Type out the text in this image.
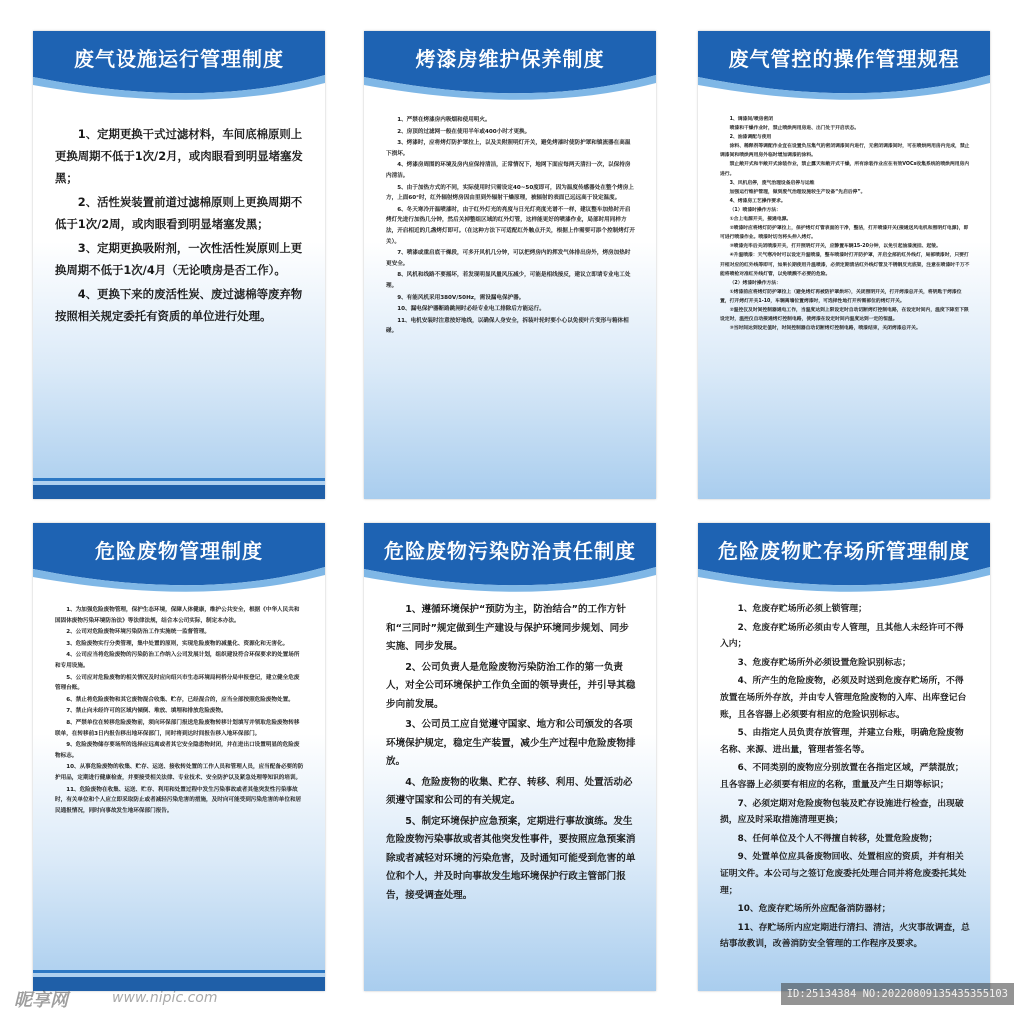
废气设施运行管理制度

1、定期更换干式过滤材料，车间底棉原则上更换周期不低于1次/2月，或肉眼看到明显堵塞发黑；

2、活性炭装置前道过滤棉原则上更换周期不低于1次/2周，或肉眼看到明显堵塞发黑；

3、定期更换吸附剂，一次性活性炭原则上更换周期不低于1次/4月（无论喷房是否工作）。

4、更换下来的废活性炭、废过滤棉等废弃物按照相关规定委托有资质的单位进行处理。

烤漆房维护保养制度

1、严禁在烤漆房内吸烟和使用明火。

2、房顶的过滤网一般在使用半年或400小时才更换。

3、烤漆时，应将烤灯防护罩拉上，以及关附照明灯开关，避免烤漆时使防护罩和镇流器在高温下损坏。

4、烤漆房周围的环境及房内应保持清洁，正常情况下，地网下面应每两天清扫一次，以保持房内清洁。

5、由于加热方式的不同，实际使用时只需设定40~50度即可，因为温度传感器处在整个烤房上方，上面60°时，红外辐射烤房因由里到外辐射干燥原理，被辐射的表面已远远高于设定温度。

6、冬天寒冷开温喷漆时，由于红外灯光的亮度与日光灯亮度光谱不一样，建议整车加热时开启烤灯先进行加热几分钟，然后关掉整组区域的红外灯管，这样能更好的喷漆作业，局部时用同样方法，开启相近的几盏烤灯即可。（在这种方法下可适配红外触点开关，根据上作需要可添个控制烤灯开关）。

7、喷漆或重启底干燥段，可多开风机几分钟，可以把烤房内的挥发气体排出房外，烤房加热时更安全。

8、风机和线路不要摇坏，若发现明显风量风压减少，可能是相线接反，建议立即请专业电工处理。

9、有能风机采用380V/50Hz，需设漏电保护器。

10、漏电保护器断路跳闸时必经专业电工排除后方能运行。

11、电机安装时注意按好地线，以确保人身安全，拆装叶轮时要小心以免使叶片变形与箱体相碰。

废气管控的操作管理规程

1、调漆间/喷房密闭

喷漆和干燥作业时，禁止喷烘两用房进、出门处于开启状态。

2、油漆调配与使用

涂料、稀释剂等调配作业宜在设置负压集气的密闭调漆间内进行，无密闭调漆间时，可在喷烘两用房内完成，禁止调漆间和喷烘两用房外临时增加调漆的涂料。

禁止敞开式和半敞开式涂装作业，禁止露天和敞开式干燥，所有涂装作业应在有效VOCs收集系统的喷烘两用房内进行。

3、风机启停，废气治理设备启停与运维

加强运行维护管理，做到废气治理设施较生产设备“先启后停”。

4、烤漆房工艺操作要求。

（1）喷漆时操作方法：

①合上电源开关，接通电源。

②喷漆时应将烤灯防护罩拉上，保护烤灯灯管表面的干净，整洁，打开喷漆开关(接通送风电机和照明灯电源)，即可进行喷漆作业。喷漆时切勿将头伸入烤灯。

③喷漆完毕后关闭喷漆开关，打开照明灯开关，应静置车辆15-20分钟，以免引起油漆流挂、起皱。

④升温喷漆：天气寒冷时可以设定升温喷漆，整车喷漆时打开防护罩，开启全部的红外线灯，局部喷漆时，只要打开相对应的红外线等即可，如果长期使用升温喷漆，必须定期清洁红外线灯管及不锈钢反光底架，注意在喷漆时千万不能将喷枪对准红外线灯管，以免喷溅不必要的危险。

（2）烤漆时操作方法：

①烤漆前应将烤灯防护罩拉上（避免烤灯再被防护罩烘坏），关闭照明开关，打开烤漆总开关，将钥匙于烤漆位置，打开烤灯开关1-10，车辆离墙位置烤漆时，可选择性地打开所需部位的烤灯开关。

②温控仪及时间控制器通电工作，当温度达到上限设定时自动切断烤灯控制电路，在设定时间内，温度下降至下限设定时，温控仪自动接通烤灯控制电路，使烤漆在设定时间内温度达到一定的恒温。

③当时间达到设定值时，时间控制器自动切断烤灯控制电路，喷漆结束，关闭烤漆总开关。

危险废物管理制度

1、为加强危险废物管理，保护生态环境，保障人体健康，维护公共安全，根据《中华人民共和国固体废物污染环境防治法》等法律法规，结合本公司实际，制定本办法。

2、公司对危险废物环境污染防治工作实施统一监督管理。

3、危险废物实行分类管理，集中处置的原则，实现危险废物的减量化、资源化和无害化。

4、公司应当将危险废物的污染防治工作纳入公司发展计划，组织建设符合环保要求的处置场所和专用设施。

5、公司应对危险废物的相关情况及时应向绍兴市生态环境局柯桥分局申报登记，建立健全危废管理台账。

6、禁止将危险废物和其它废物混合收集、贮存，已经混合的，应当全部按照危险废物处置。

7、禁止向未经许可的区域内倾倒、堆放、填埋和排放危险废物。

8、严禁单位在转移危险废物前，须向环保部门报送危险废物转移计划填写并领取危险废物转移联单，在转移前3日内报告移出地环保部门，同时将到达时间报告移入地环保部门。

9、危险废物储存要场所的选择应远离或者其它安全隐患物封闭，并在进出口设置明显的危险废物标志。

10、从事危险废物的收集、贮存、运送、接收转处置的工作人员和管理人员，应当配备必要的防护用品，定期进行健康检查，并要接受相关法律、专业技术、安全防护以及紧急处理等知识的培训。

11、危险废物在收集、运送、贮存、利用和处置过程中发生污染事故或者其他突发性污染事故时，有关单位和个人应立即采取防止或者减轻污染危害的措施，及时向可能受到污染危害的单位和居民通报情况，同时向事故发生地环保部门报告。

危险废物污染防治责任制度

1、遵循环境保护“预防为主，防治结合”的工作方针和“三同时”规定做到生产建设与保护环境同步规划、同步实施、同步发展。

2、公司负责人是危险废物污染防治工作的第一负责人，对全公司环境保护工作负全面的领导责任，并引导其稳步向前发展。

3、公司员工应自觉遵守国家、地方和公司颁发的各项环境保护规定，稳定生产装置，减少生产过程中危险废物排放。

4、危险废物的收集、贮存、转移、利用、处置活动必须遵守国家和公司的有关规定。

5、制定环境保护应急预案，定期进行事故演练。发生危险废物污染事故或者其他突发性事件，要按照应急预案消除或者减轻对环境的污染危害，及时通知可能受到危害的单位和个人，并及时向事故发生地环境保护行政主管部门报告，接受调查处理。

危险废物贮存场所管理制度

1、危废存贮场所必须上锁管理；

2、危废存贮场所必须由专人管理，且其他人未经许可不得入内；

3、危废存贮场所外必须设置危险识别标志；

4、所产生的危险废物，必须及时送到危废存贮场所，不得放置在场所外存放，并由专人管理危险废物的入库、出库登记台账，且各容器上必须要有相应的危险识别标志。

5、由指定人员负责存放管理，并建立台账，明确危险废物名称、来源、进出量，管理者签名等。

6、不同类别的废物应分别放置在各指定区域，严禁混放；且各容器上必须要有相应的名称，重量及产生日期等标识；

7、必须定期对危险废物包装及贮存设施进行检查，出现破损，应及时采取措施清理更换；

8、任何单位及个人不得擅自转移，处置危险废物；

9、处置单位应具备废物回收、处置相应的资质，并有相关证明文件。本公司与之签订危废委托处理合同并将危废委托其处理；

10、危废存贮场所外应配备消防器材；

11、存贮场所内应定期进行清扫、清洁，火灾事故调查，总结事故教训，改善消防安全管理的工作程序及要求。

昵享网	www.nipic.com	ID:25134384 NO:20220809135435355103
